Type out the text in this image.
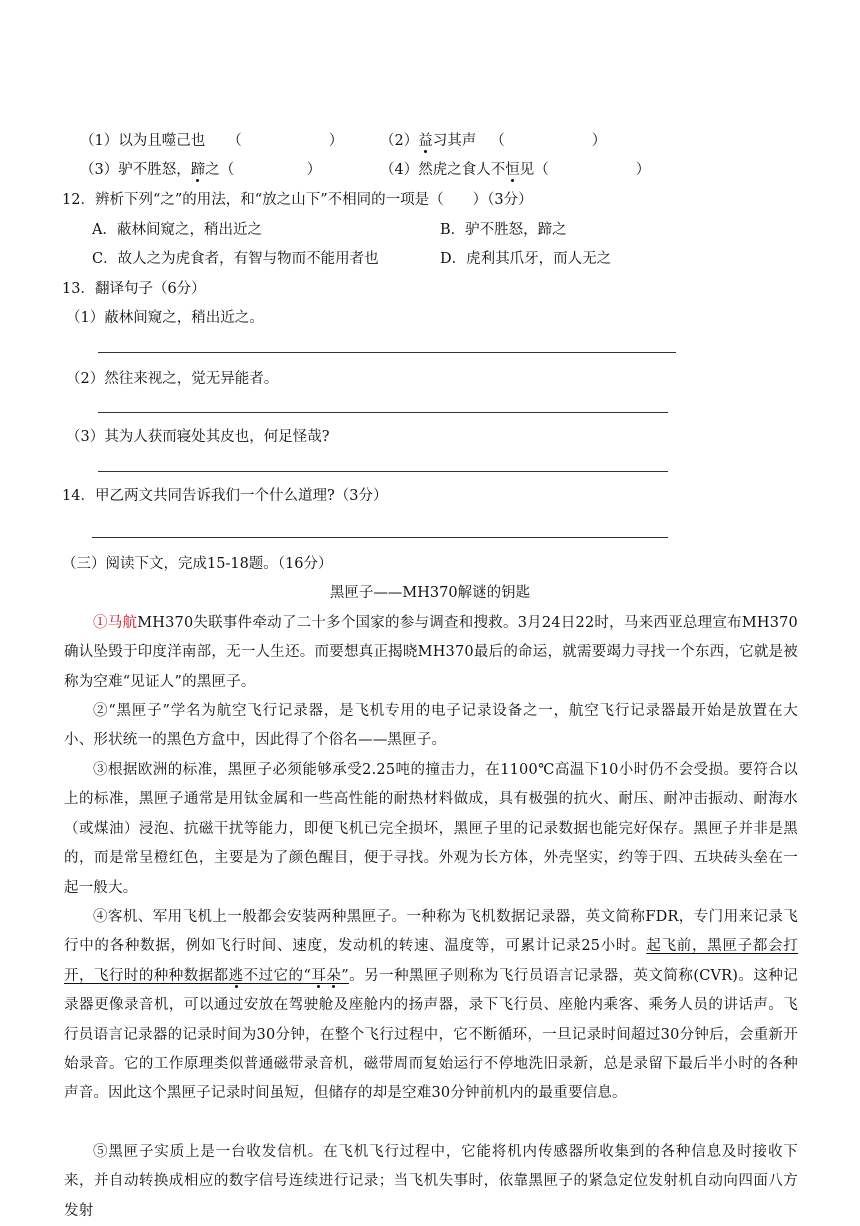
（1）以为且噬己也 （　　　　　　）	（2）益习其声 （　　　　　　）
（3）驴不胜怒，蹄之（　　　　　）	（4）然虎之食人不恒见（　　　　　　）
12．辨析下列“之”的用法，和“放之山下”不相同的一项是（　　）（3分）
A．蔽林间窥之，稍出近之	B．驴不胜怒，蹄之
C．故人之为虎食者，有智与物而不能用者也	D．虎利其爪牙，而人无之
13．翻译句子（6分）
（1）蔽林间窥之，稍出近之。
（2）然往来视之，觉无异能者。
（3）其为人获而寝处其皮也，何足怪哉?
14．甲乙两文共同告诉我们一个什么道理?（3分）
（三）阅读下文，完成15-18题。（16分）
黑匣子——MH370解谜的钥匙
①马航MH370失联事件牵动了二十多个国家的参与调查和搜救。3月24日22时，马来西亚总理宣布MH370确认坠毁于印度洋南部，无一人生还。而要想真正揭晓MH370最后的命运，就需要竭力寻找一个东西，它就是被称为空难“见证人”的黑匣子。
②“黑匣子”学名为航空飞行记录器，是飞机专用的电子记录设备之一，航空飞行记录器最开始是放置在大小、形状统一的黑色方盒中，因此得了个俗名——黑匣子。
③根据欧洲的标准，黑匣子必须能够承受2.25吨的撞击力，在1100℃高温下10小时仍不会受损。要符合以上的标准，黑匣子通常是用钛金属和一些高性能的耐热材料做成，具有极强的抗火、耐压、耐冲击振动、耐海水（或煤油）浸泡、抗磁干扰等能力，即便飞机已完全损坏，黑匣子里的记录数据也能完好保存。黑匣子并非是黑的，而是常呈橙红色，主要是为了颜色醒目，便于寻找。外观为长方体，外壳坚实，约等于四、五块砖头垒在一起一般大。
④客机、军用飞机上一般都会安装两种黑匣子。一种称为飞机数据记录器，英文简称FDR，专门用来记录飞行中的各种数据，例如飞行时间、速度，发动机的转速、温度等，可累计记录25小时。起飞前，黑匣子都会打开，飞行时的种种数据都逃不过它的“耳朵”。另一种黑匣子则称为飞行员语言记录器，英文简称(CVR)。这种记录器更像录音机，可以通过安放在驾驶舱及座舱内的扬声器，录下飞行员、座舱内乘客、乘务人员的讲话声。飞行员语言记录器的记录时间为30分钟，在整个飞行过程中，它不断循环，一旦记录时间超过30分钟后，会重新开始录音。它的工作原理类似普通磁带录音机，磁带周而复始运行不停地洗旧录新，总是录留下最后半小时的各种声音。因此这个黑匣子记录时间虽短，但储存的却是空难30分钟前机内的最重要信息。
⑤黑匣子实质上是一台收发信机。在飞机飞行过程中，它能将机内传感器所收集到的各种信息及时接收下来，并自动转换成相应的数字信号连续进行记录；当飞机失事时，依靠黑匣子的紧急定位发射机自动向四面八方发射
